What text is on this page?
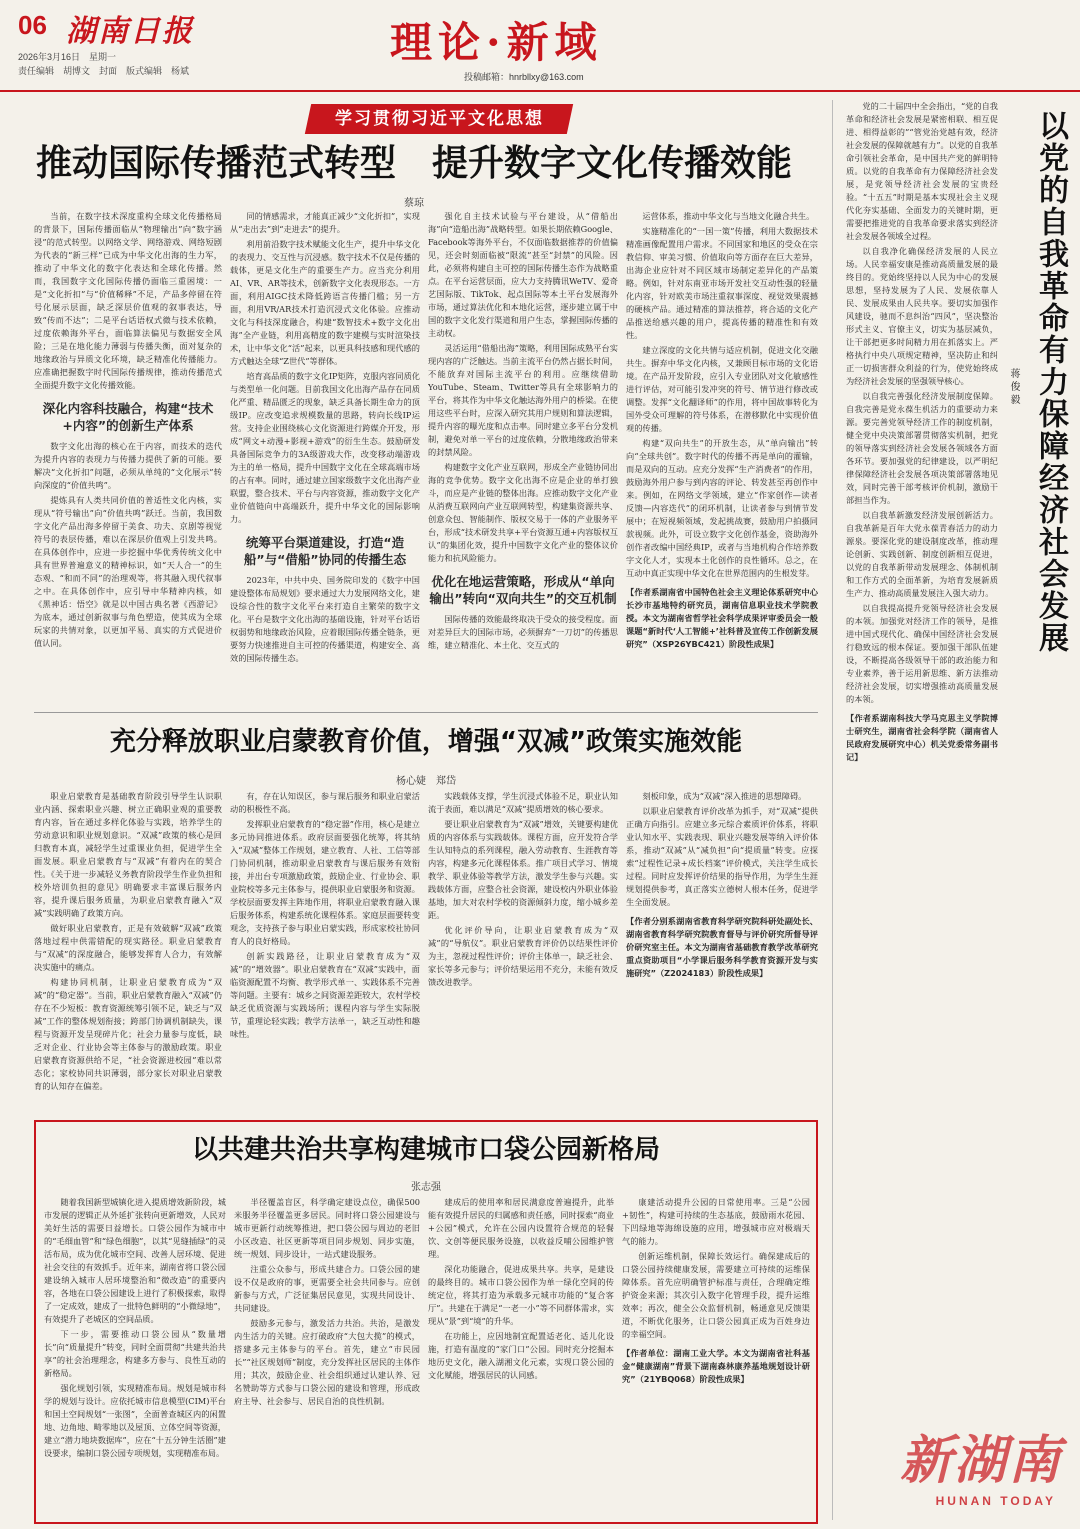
06 湖南日报
2026年3月16日　星期一
责任编辑　胡博文　封面　版式编辑　杨斌
理论·新域
投稿邮箱：hnrbllxy@163.com
学习贯彻习近平文化思想
推动国际传播范式转型　提升数字文化传播效能
蔡琼

当前，在数字技术深度重构全球文化传播格局的背景下，国际传播面临从“物理输出”向“数字涵浸”的范式转型。以网络文学、网络游戏、网络短剧为代表的“新三样”已成为中华文化出海的生力军，推动了中华文化的数字化表达和全球化传播。然而，我国数字文化国际传播仍面临三重困境：一是“文化折扣”与“价值稀释”不足，产品多停留在符号化展示层面，缺乏深层价值观的叙事表达，导致“传而不达”；二是平台话语权式微与技术依赖，过度依赖海外平台，面临算法偏见与数据安全风险；三是在地化能力薄弱与传播失衡，面对复杂的地缘政治与异质文化环境，缺乏精准化传播能力。应准确把握数字时代国际传播规律，推动传播范式全面提升数字文化传播效能。

深化内容科技融合，构建“技术+内容”的创新生产体系

数字文化出海的核心在于内容，而技术的迭代为提升内容的表现力与传播力提供了新的可能。要解决“文化折扣”问题，必须从单纯的“文化展示”转向深度的“价值共鸣”。

提炼具有人类共同价值的普适性文化内核，实现从“符号输出”向“价值共鸣”跃迁。当前，我国数字文化产品出海多停留于美食、功夫、京剧等视觉符号的表层传播，难以在深层价值观上引发共鸣。在具体创作中，应进一步挖掘中华优秀传统文化中具有世界普遍意义的精神标识，如“天人合一”的生态观、“和而不同”的治理观等，将其融入现代叙事之中。在具体创作中，应引导中华精神内核，如《黑神话：悟空》就是以中国古典名著《西游记》为底本，通过创新叙事与角色塑造，使其成为全球玩家的共情对象，以更加平易、真实的方式促进价值认同。

同的情感需求，才能真正减少“文化折扣”，实现从“走出去”到“走进去”的提升。

利用前沿数字技术赋能文化生产，提升中华文化的表现力、交互性与沉浸感。数字技术不仅是传播的载体，更是文化生产的重要生产力。应当充分利用AI、VR、AR等技术，创新数字文化表现形态。一方面，利用AIGC技术降低跨语言传播门槛；另一方面，利用VR/AR技术打造沉浸式文化体验。应推动文化与科技深度融合，构建“数智技术+数字文化出海”全产业链，利用高精度的数字建模与实时渲染技术，让中华文化“活”起来，以更具科技感和现代感的方式触达全球“Z世代”等群体。

培育高品质的数字文化IP矩阵，克服内容同质化与类型单一化问题。目前我国文化出海产品存在同质化严重、精品匮乏的现象，缺乏具备长期生命力的顶级IP。应改变追求规模数量的思路，转向长线IP运营。支持企业围绕核心文化资源进行跨媒介开发，形成“网文+动漫+影视+游戏”的衍生生态。鼓励研发具备国际竞争力的3A级游戏大作，改变移动端游戏为主的单一格局，提升中国数字文化在全球高端市场的占有率。同时，通过建立国家级数字文化出海产业联盟，整合技术、平台与内容资源，推动数字文化产业价值链向中高端跃升，提升中华文化的国际影响力。

统筹平台渠道建设，打造“造船”与“借船”协同的传播生态

2023年，中共中央、国务院印发的《数字中国建设整体布局规划》要求通过大力发展网络文化，建设综合性的数字文化平台来打造自主繁荣的数字文化。平台是数字文化出海的基础设施，针对平台话语权弱势和地缘政治风险，应着眼国际传播全链条，更要努力快速推进自主可控的传播渠道，构建安全、高效的国际传播生态。

强化自主技术试验与平台建设，从“借船出海”向“造船出海”战略转型。如果长期依赖Google、Facebook等海外平台，不仅面临数据推荐的价值偏见，还会时刻面临被“限流”甚至“封禁”的风险。因此，必须将构建自主可控的国际传播生态作为战略重点。在平台运营层面，应大力支持腾讯WeTV、爱奇艺国际版、TikTok、起点国际等本土平台发展海外市场，通过算法优化和本地化运营，逐步建立属于中国的数字文化发行渠道和用户生态，掌握国际传播的主动权。

灵活运用“借船出海”策略，利用国际成熟平台实现内容的广泛触达。当前主流平台仍然占据长时间，不能放弃对国际主流平台的利用。应继续借助YouTube、Steam、Twitter等具有全球影响力的平台，将其作为中华文化触达海外用户的桥梁。在使用这些平台时，应深入研究其用户规则和算法逻辑，提升内容的曝光度和点击率。同时建立多平台分发机制，避免对单一平台的过度依赖，分散地缘政治带来的封禁风险。

构建数字文化产业互联网，形成全产业链协同出海的竞争优势。数字文化出海不应是企业的单打独斗，而应是产业链的整体出海。应推动数字文化产业从消费互联网向产业互联网转型，构建集资源共享、创意众包、智能制作、版权交易于一体的产业服务平台，形成“技术研发共享+平台资源互通+内容版权互认”的集团化效，提升中国数字文化产业的整体议价能力和抗风险能力。

优化在地运营策略，形成从“单向输出”转向“双向共生”的交互机制

国际传播的效能最终取决于受众的接受程度。面对差异巨大的国际市场，必须摒弃“一刀切”的传播思维，建立精准化、本土化、交互式的

运营体系，推动中华文化与当地文化融合共生。

实施精准化的“一国一策”传播，利用大数据技术精准画像配置用户需求。不同国家和地区的受众在宗教信仰、审美习惯、价值取向等方面存在巨大差异，出海企业应针对不同区域市场制定差异化的产品策略。例如，针对东南亚市场开发社交互动性强的轻量化内容，针对欧美市场注重叙事深度、视觉效果震撼的硬核产品。通过精准的算法推荐，将合适的文化产品推送给感兴趣的用户，提高传播的精准性和有效性。

建立深度的文化共情与适应机制，促进文化交融共生。摒弃中华文化内核，又兼顾目标市场的文化语境。在产品开发阶段，应引入专业团队对文化敏感性进行评估，对可能引发冲突的符号、情节进行修改或调整。发挥“文化翻译师”的作用，将中国故事转化为国外受众可理解的符号体系，在潜移默化中实现价值观的传播。

构建“双向共生”的开放生态，从“单向输出”转向“全球共创”。数字时代的传播不再是单向的灌输，而是双向的互动。应充分发挥“生产消费者”的作用，鼓励海外用户参与到内容的评论、转发甚至再创作中来。例如，在网络文学领域，建立“作家创作—读者反馈—内容迭代”的闭环机制，让读者参与到情节发展中；在短视频领域，发起挑战赛，鼓励用户拍摄同款视频。此外，可设立数字文化创作基金，资助海外创作者改编中国经典IP，或者与当地机构合作培养数字文化人才，实现本土化创作的良性循环。总之，在互动中真正实现中华文化在世界范围内的生根发芽。

【作者系湖南省中国特色社会主义理论体系研究中心长沙市基地特约研究员，湖南信息职业技术学院教授。本文为湖南省哲学社会科学成果评审委员会一般课题“新时代‘人工智能+’社科普及宣传工作创新发展研究”（XSP26YBC421）阶段性成果】
充分释放职业启蒙教育价值，增强“双减”政策实施效能
杨心婕　郑岱

职业启蒙教育是基础教育阶段引导学生认识职业内涵、探索职业兴趣、树立正确职业观的重要教育内容，旨在通过多样化体验与实践，培养学生的劳动意识和职业规划意识。“双减”政策的核心是回归教育本真，减轻学生过重课业负担，促进学生全面发展。职业启蒙教育与“双减”有着内在的契合性。《关于进一步减轻义务教育阶段学生作业负担和校外培训负担的意见》明确要求丰富课后服务内容，提升课后服务质量，为职业启蒙教育融入“双减”实践明确了政策方向。

做好职业启蒙教育，正是有效破解“双减”政策落地过程中供需错配的现实路径。职业启蒙教育与“双减”的深度融合，能够发挥育人合力，有效解决实施中的痛点。

构建协同机制，让职业启蒙教育成为“双减”的“稳定器”。当前，职业启蒙教育融入“双减”仍存在不少短板：教育资源统筹引领不足，缺乏与“双减”工作的整体规划衔接；跨部门协调机制缺失，课程与资源开发呈现碎片化；社会力量参与度低，缺乏对企业、行业协会等主体参与的激励政策。职业启蒙教育资源供给不足，“社会资源进校园”难以常态化；家校协同共识薄弱，部分家长对职业启蒙教育的认知存在偏差。

有，存在认知误区，参与课后服务和职业启蒙活动的积极性不高。

发挥职业启蒙教育的“稳定器”作用，核心是建立多元协同推进体系。政府层面要强化统筹，将其纳入“双减”整体工作规划，建立教育、人社、工信等部门协同机制，推动职业启蒙教育与课后服务有效衔接，并出台专项激励政策，鼓励企业、行业协会、职业院校等多元主体参与，提供职业启蒙服务和资源。学校层面要发挥主阵地作用，将职业启蒙教育融入课后服务体系，构建系统化课程体系。家庭层面要转变观念，支持孩子参与职业启蒙实践，形成家校社协同育人的良好格局。

创新实践路径，让职业启蒙教育成为“双减”的“增效器”。职业启蒙教育在“双减”实践中，面临资源配置不均衡、教学形式单一、实践体系不完善等问题。主要有：城乡之间资源差距较大，农村学校缺乏优质资源与实践场所；课程内容与学生实际脱节，重理论轻实践；教学方法单一，缺乏互动性和趣味性。

实践载体支撑，学生沉浸式体验不足，职业认知流于表面，难以满足“双减”提质增效的核心要求。

要让职业启蒙教育为“双减”增效，关键要构建优质的内容体系与实践载体。课程方面，应开发符合学生认知特点的系列课程，融入劳动教育、生涯教育等内容，构建多元化课程体系。推广项目式学习、情境教学、职业体验等教学方法，激发学生参与兴趣。实践载体方面，应整合社会资源，建设校内外职业体验基地，加大对农村学校的资源倾斜力度，缩小城乡差距。

优化评价导向，让职业启蒙教育成为“双减”的“导航仪”。职业启蒙教育评价仍以结果性评价为主，忽视过程性评价；评价主体单一，缺乏社会、家长等多元参与；评价结果运用不充分，未能有效反馈改进教学。

刻板印象，成为“双减”深入推进的思想障碍。

以职业启蒙教育评价改革为抓手，对“双减”提供正确方向指引。应建立多元综合素质评价体系，将职业认知水平、实践表现、职业兴趣发展等纳入评价体系，推动“双减”从“减负担”向“提质量”转变。应探索“过程性记录+成长档案”评价模式，关注学生成长过程。同时应发挥评价结果的指导作用，为学生生涯规划提供参考，真正落实立德树人根本任务，促进学生全面发展。

【作者分别系湖南省教育科学研究院科研处副处长、湖南省教育科学研究院教育督导与评价研究所督导评价研究室主任。本文为湖南省基础教育教学改革研究重点资助项目“小学课后服务科学教育资源开发与实施研究”（Z2024183）阶段性成果】
以共建共治共享构建城市口袋公园新格局
张志强

随着我国新型城镇化进入提质增效新阶段，城市发展的逻辑正从外延扩张转向更新增效，人民对美好生活的需要日益增长。口袋公园作为城市中的“毛细血管”和“绿色细胞”，以其“见缝插绿”的灵活布局，成为优化城市空间、改善人居环境、促进社会交往的有效抓手。近年来，湖南省将口袋公园建设纳入城市人居环境整治和“微改造”的重要内容，各地在口袋公园建设上进行了积极探索，取得了一定成效，建成了一批特色鲜明的“小微绿地”，有效提升了老城区的空间品质。

下一步，需要推动口袋公园从“数量增长”向“质量提升”转变，同时全面贯彻“共建共治共享”的社会治理理念，构建多方参与、良性互动的新格局。

强化规划引领，实现精准布局。规划是城市科学的规划与设计。应依托城市信息模型(CIM)平台和国土空间规划“一张图”，全面普查城区内的闲置地、边角地、畸零地以及屋顶、立体空间等资源，建立“潜力地块数据库”，应在“十五分钟生活圈”建设要求，编制口袋公园专项规划，实现精准布局。

半径覆盖盲区，科学确定建设点位，确保500米服务半径覆盖更多居民。同时将口袋公园建设与城市更新行动统筹推进，把口袋公园与周边的老旧小区改造、社区更新等项目同步规划、同步实施，统一规划、同步设计，一站式建设服务。

注重公众参与，形成共建合力。口袋公园的建设不仅是政府的事，更需要全社会共同参与。应创新参与方式，广泛征集居民意见，实现共同设计、共同建设。

鼓励多元参与，激发活力共治。共治，是激发内生活力的关键。应打破政府“大包大揽”的模式，搭建多元主体参与的平台。首先，建立“市民园长”“社区规划师”制度，充分发挥社区居民的主体作用；其次，鼓励企业、社会组织通过认建认养、冠名赞助等方式参与口袋公园的建设和管理，形成政府主导、社会参与、居民自治的良性机制。

建成后的使用率和居民满意度普遍提升，此举能有效提升居民的归属感和责任感，同时探索“商业+公园”模式，允许在公园内设置符合规范的轻餐饮、文创等便民服务设施，以收益反哺公园维护管理。

深化功能融合，促进成果共享。共享，是建设的最终目的。城市口袋公园作为单一绿化空间的传统定位，将其打造为承载多元城市功能的“复合客厅”。共建在于满足“一老一小”等不同群体需求，实现从“景”到“境”的升华。

在功能上，应因地制宜配置适老化、适儿化设施，打造有温度的“家门口”公园。同时充分挖掘本地历史文化，融入湖湘文化元素，实现口袋公园的文化赋能，增强居民的认同感。

康建活动提升公园的日常使用率。三是“公园+韧性”，构建可持续的生态基底，鼓励雨水花园、下凹绿地等海绵设施的应用，增强城市应对极端天气的能力。

创新运维机制，保障长效运行。确保建成后的口袋公园持续健康发展，需要建立可持续的运维保障体系。首先应明确管护标准与责任，合理确定维护资金来源；其次引入数字化管理手段，提升运维效率；再次，健全公众监督机制，畅通意见反馈渠道，不断优化服务，让口袋公园真正成为百姓身边的幸福空间。

【作者单位：湖南工业大学。本文为湖南省社科基金“健康湖南”背景下湖南森林康养基地规划设计研究”（21YBQ068）阶段性成果】
以党的自我革命有力保障经济社会发展
蒋俊毅

党的二十届四中全会指出，“党的自我革命和经济社会发展是紧密相联、相互促进、相得益彰的”“管党治党越有效，经济社会发展的保障就越有力”。以党的自我革命引领社会革命，是中国共产党的鲜明特质。以党的自我革命有力保障经济社会发展，是党领导经济社会发展的宝贵经验。“十五五”时期是基本实现社会主义现代化夯实基础、全面发力的关键时期，更需要把推进党的自我革命要求落实到经济社会发展各领域全过程。

以自我净化确保经济发展的人民立场。人民幸福安康是推动高质量发展的最终目的。党始终坚持以人民为中心的发展思想，坚持发展为了人民、发展依靠人民、发展成果由人民共享。要切实加强作风建设，驰而不息纠治“四风”，坚决整治形式主义、官僚主义，切实为基层减负，让干部把更多时间精力用在抓落实上。严格执行中央八项规定精神，坚决防止和纠正一切损害群众利益的行为，使党始终成为经济社会发展的坚强领导核心。

以自我完善强化经济发展制度保障。自我完善是党永葆生机活力的重要动力来源。要完善党领导经济工作的制度机制，健全党中央决策部署贯彻落实机制，把党的领导落实到经济社会发展各领域各方面各环节。要加强党的纪律建设，以严明纪律保障经济社会发展各项决策部署落地见效，同时完善干部考核评价机制，激励干部担当作为。

以自我革新激发经济发展创新活力。自我革新是百年大党永葆青春活力的动力源泉。要深化党的建设制度改革，推动理论创新、实践创新、制度创新相互促进，以党的自我革新带动发展理念、体制机制和工作方式的全面革新，为培育发展新质生产力、推动高质量发展注入强大动力。

以自我提高提升党领导经济社会发展的本领。加强党对经济工作的领导，是推进中国式现代化、确保中国经济社会发展行稳致远的根本保证。要加强干部队伍建设，不断提高各级领导干部的政治能力和专业素养，善于运用新思维、新方法推动经济社会发展，切实增强推动高质量发展的本领。

【作者系湖南科技大学马克思主义学院博士研究生，湖南省社会科学院（湖南省人民政府发展研究中心）机关党委常务副书记】
新湖南
HUNAN TODAY
